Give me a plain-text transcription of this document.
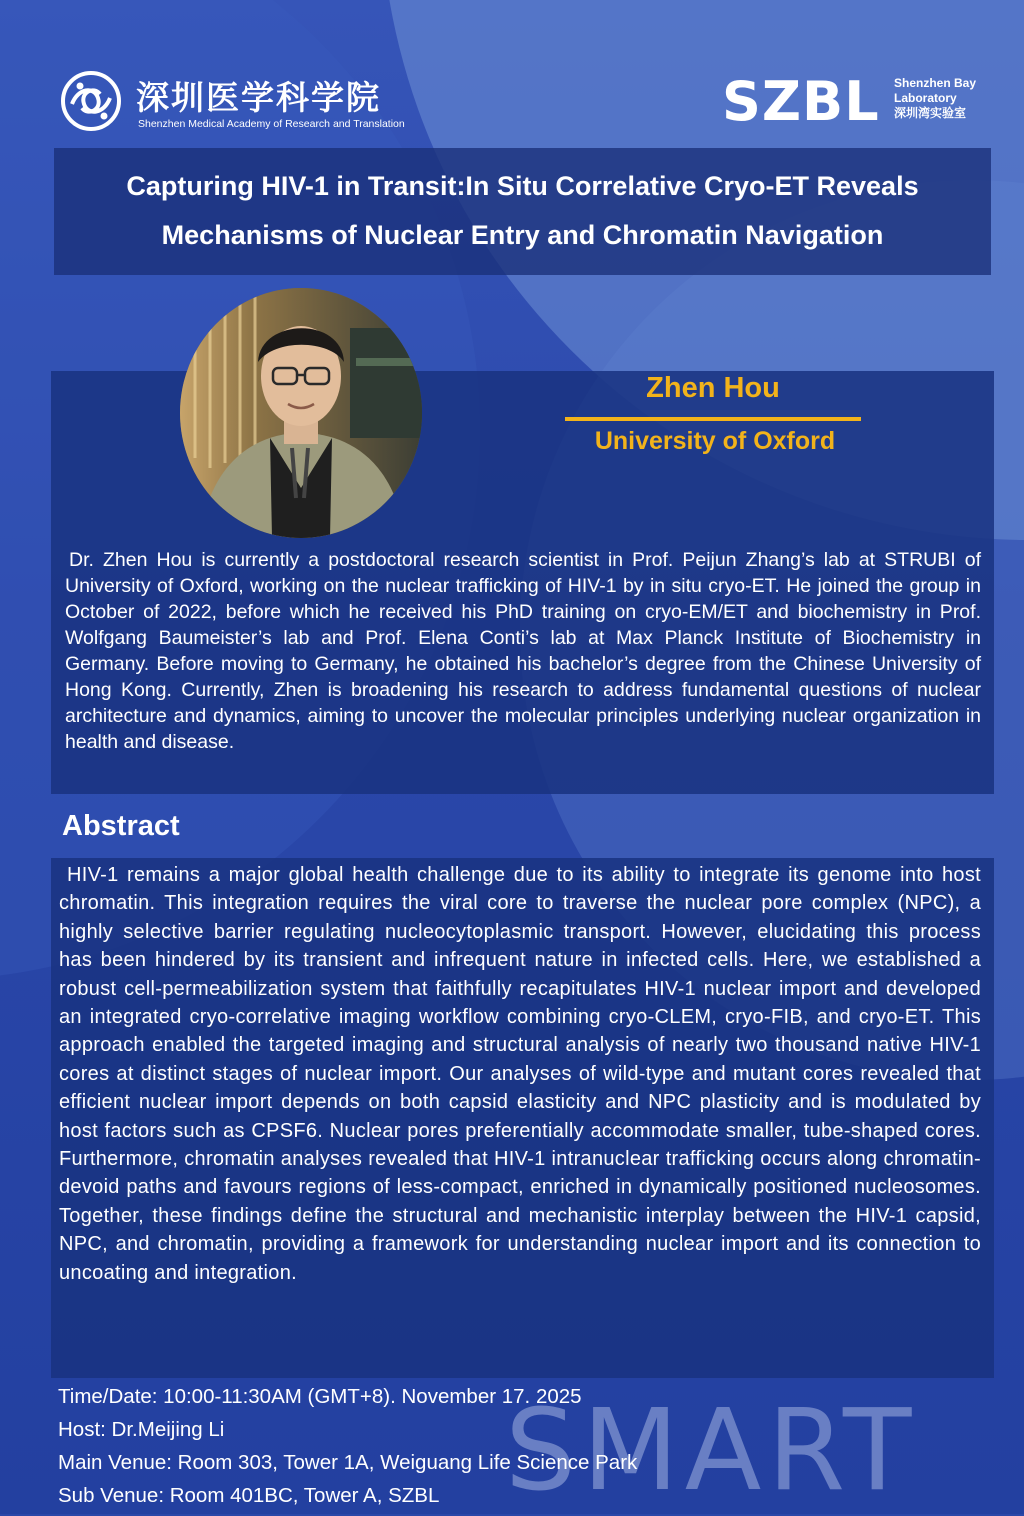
深圳医学科学院
Shenzhen Medical Academy of Research and Translation	SZBL Shenzhen Bay
Laboratory
深圳湾实验室
Capturing HIV-1 in Transit:In Situ Correlative Cryo-ET Reveals
Mechanisms of Nuclear Entry and Chromatin Navigation
Zhen Hou
University of Oxford
Dr. Zhen Hou is currently a postdoctoral research scientist in Prof. Peijun Zhang’s lab at STRUBI of University of Oxford, working on the nuclear trafficking of HIV-1 by in situ cryo-ET. He joined the group in October of 2022, before which he received his PhD training on cryo-EM/ET and biochemistry in Prof. Wolfgang Baumeister’s lab and Prof. Elena Conti’s lab at Max Planck Institute of Biochemistry in Germany. Before moving to Germany, he obtained his bachelor’s degree from the Chinese University of Hong Kong. Currently, Zhen is broadening his research to address fundamental questions of nuclear architecture and dynamics, aiming to uncover the molecular principles underlying nuclear organization in health and disease.
Abstract
HIV-1 remains a major global health challenge due to its ability to integrate its genome into host chromatin. This integration requires the viral core to traverse the nuclear pore complex (NPC), a highly selective barrier regulating nucleocytoplasmic transport. However, elucidating this process has been hindered by its transient and infrequent nature in infected cells. Here, we established a robust cell-permeabilization system that faithfully recapitulates HIV-1 nuclear import and developed an integrated cryo-correlative imaging workflow combining cryo-CLEM, cryo-FIB, and cryo-ET. This approach enabled the targeted imaging and structural analysis of nearly two thousand native HIV-1 cores at distinct stages of nuclear import. Our analyses of wild-type and mutant cores revealed that efficient nuclear import depends on both capsid elasticity and NPC plasticity and is modulated by host factors such as CPSF6. Nuclear pores preferentially accommodate smaller, tube-shaped cores. Furthermore, chromatin analyses revealed that HIV-1 intranuclear trafficking occurs along chromatin-devoid paths and favours regions of less-compact, enriched in dynamically positioned nucleosomes. Together, these findings define the structural and mechanistic interplay between the HIV-1 capsid, NPC, and chromatin, providing a framework for understanding nuclear import and its connection to uncoating and integration.
SMART
Time/Date: 10:00-11:30AM (GMT+8). November 17. 2025
Host: Dr.Meijing Li
Main Venue: Room 303, Tower 1A, Weiguang Life Science Park
Sub Venue: Room 401BC, Tower A, SZBL
